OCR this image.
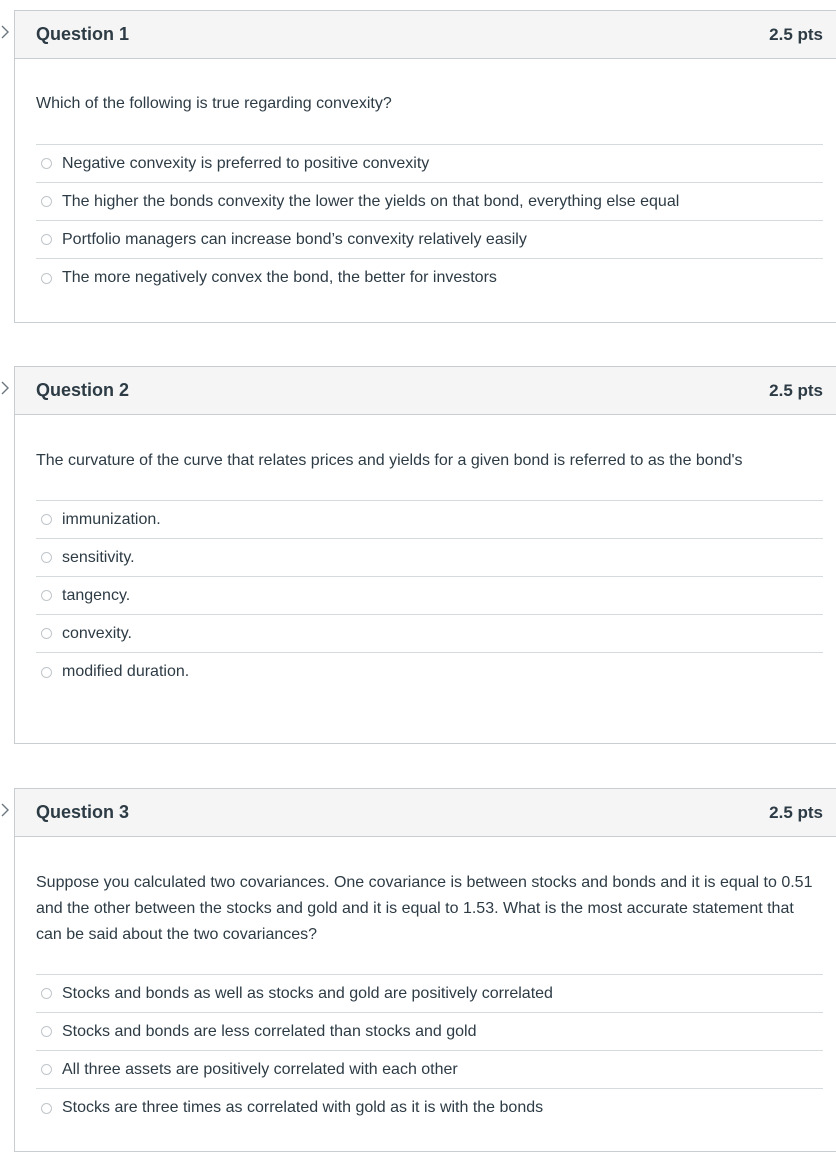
Question 1	2.5 pts

Which of the following is true regarding convexity?

Negative convexity is preferred to positive convexity
The higher the bonds convexity the lower the yields on that bond, everything else equal
Portfolio managers can increase bond’s convexity relatively easily
The more negatively convex the bond, the better for investors
Question 2	2.5 pts

The curvature of the curve that relates prices and yields for a given bond is referred to as the bond's

immunization.
sensitivity.
tangency.
convexity.
modified duration.
Question 3	2.5 pts

Suppose you calculated two covariances. One covariance is between stocks and bonds and it is equal to 0.51 and the other between the stocks and gold and it is equal to 1.53. What is the most accurate statement that can be said about the two covariances?

Stocks and bonds as well as stocks and gold are positively correlated
Stocks and bonds are less correlated than stocks and gold
All three assets are positively correlated with each other
Stocks are three times as correlated with gold as it is with the bonds
